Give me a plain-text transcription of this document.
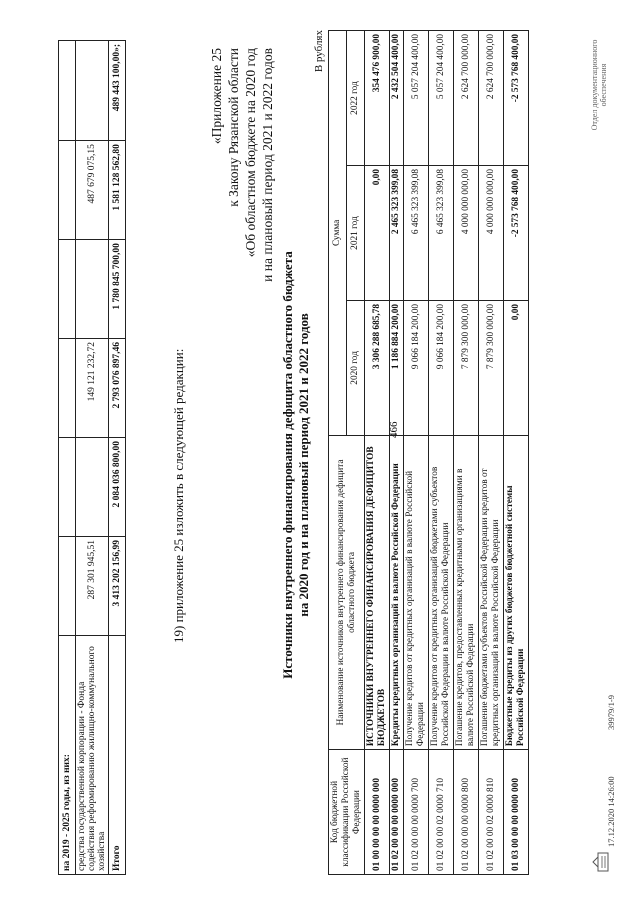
на 2019 - 2025 годы, из них:						
средства государственной корпорации - Фонда содействия реформированию жилищно-коммунального хозяйства	287 301 945,51		149 121 232,72		487 679 075,15	
Итого	3 413 202 156,99	2 084 036 800,00	2 793 076 897,46	1 780 845 700,00	1 581 128 562,80	489 443 100,00»;
19) приложение 25 изложить в следующей редакции:
«Приложение 25 к Закону Рязанской области «Об областном бюджете на 2020 год и на плановый период 2021 и 2022 годов
Источники внутреннего финансирования дефицита областного бюджета на 2020 год и на плановый период 2021 и 2022 годов
В рублях
Код бюджетной классификации Российской Федерации	Наименование источников внутреннего финансирования дефицита областного бюджета	Сумма		
		2020 год	2021 год	2022 год
01 00 00 00 00 0000 000	ИСТОЧНИКИ ВНУТРЕННЕГО ФИНАНСИРОВАНИЯ ДЕФИЦИТОВ БЮДЖЕТОВ	3 306 288 685,78	0,00	354 476 900,00
01 02 00 00 00 0000 000	Кредиты кредитных организаций в валюте Российской Федерации	1 186 884 200,00	2 465 323 399,08	2 432 504 400,00
01 02 00 00 00 0000 700	Получение кредитов от кредитных организаций в валюте Российской Федерации	9 066 184 200,00	6 465 323 399,08	5 057 204 400,00
01 02 00 00 02 0000 710	Получение кредитов от кредитных организаций бюджетами субъектов Российской Федерации в валюте Российской Федерации	9 066 184 200,00	6 465 323 399,08	5 057 204 400,00
01 02 00 00 00 0000 800	Погашение кредитов, предоставленных кредитными организациями в валюте Российской Федерации	7 879 300 000,00	4 000 000 000,00	2 624 700 000,00
01 02 00 00 02 0000 810	Погашение бюджетами субъектов Российской Федерации кредитов от кредитных организаций в валюте Российской Федерации	7 879 300 000,00	4 000 000 000,00	2 624 700 000,00
01 03 00 00 00 0000 000	Бюджетные кредиты из других бюджетов бюджетной системы Российской Федерации	0,00	-2 573 768 400,00	-2 573 768 400,00
17.12.2020 14:26:00
39979/1-9
Отдел документационного обеспечения
466
